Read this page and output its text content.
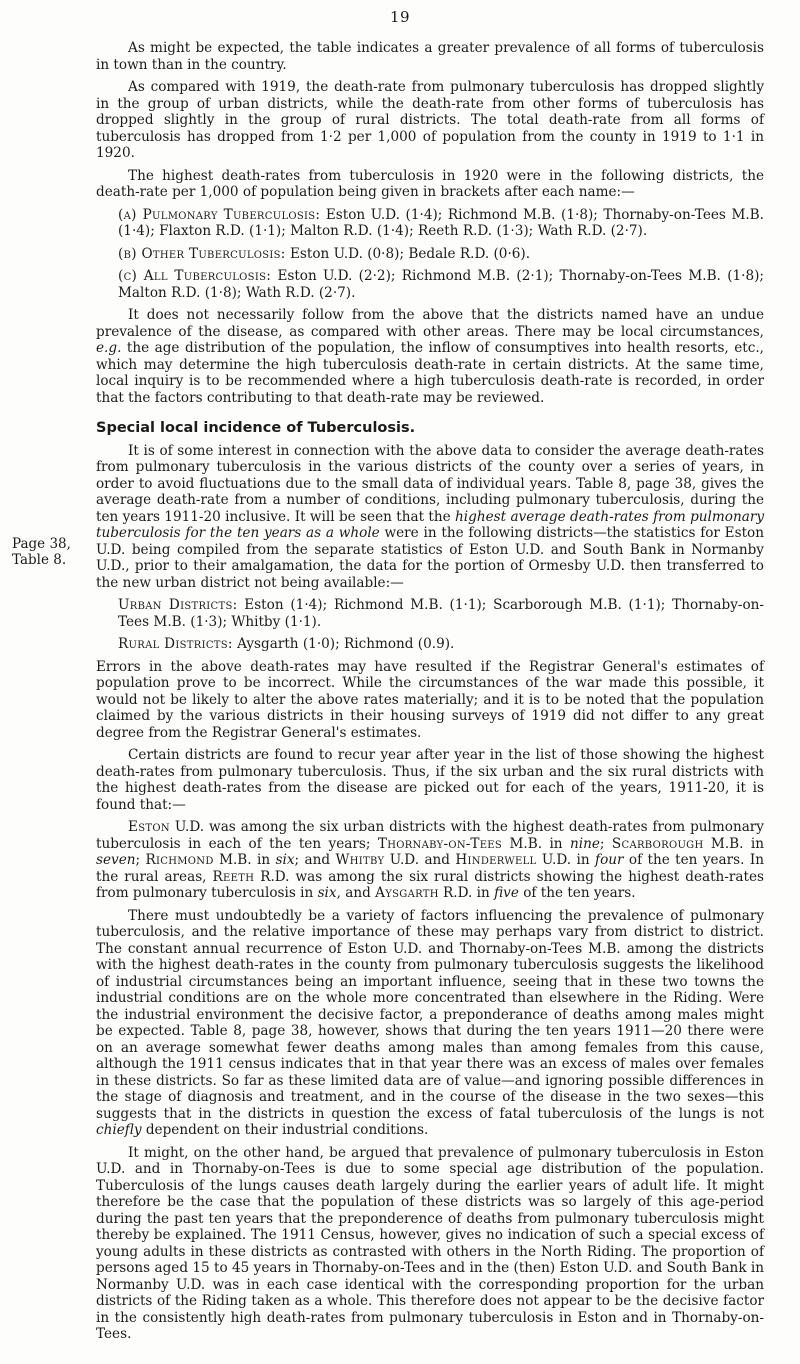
19
Page 38,
Table 8.

As might be expected, the table indicates a greater prevalence of all forms of tuberculosis in town than in the country.

As compared with 1919, the death-rate from pulmonary tuberculosis has dropped slightly in the group of urban districts, while the death-rate from other forms of tuberculosis has dropped slightly in the group of rural districts. The total death-rate from all forms of tuberculosis has dropped from 1·2 per 1,000 of population from the county in 1919 to 1·1 in 1920.

The highest death-rates from tuberculosis in 1920 were in the following districts, the death-rate per 1,000 of population being given in brackets after each name:—

(a) Pulmonary Tuberculosis: Eston U.D. (1·4); Richmond M.B. (1·8); Thornaby-on-Tees M.B. (1·4); Flaxton R.D. (1·1); Malton R.D. (1·4); Reeth R.D. (1·3); Wath R.D. (2·7).

(b) Other Tuberculosis: Eston U.D. (0·8); Bedale R.D. (0·6).

(c) All Tuberculosis: Eston U.D. (2·2); Richmond M.B. (2·1); Thornaby-on-Tees M.B. (1·8); Malton R.D. (1·8); Wath R.D. (2·7).

It does not necessarily follow from the above that the districts named have an undue prevalence of the disease, as compared with other areas. There may be local circumstances, e.g. the age distribution of the population, the inflow of consumptives into health resorts, etc., which may determine the high tuberculosis death-rate in certain districts. At the same time, local inquiry is to be recommended where a high tuberculosis death-rate is recorded, in order that the factors contributing to that death-rate may be reviewed.

Special local incidence of Tuberculosis.

It is of some interest in connection with the above data to consider the average death-rates from pulmonary tuberculosis in the various districts of the county over a series of years, in order to avoid fluctuations due to the small data of individual years. Table 8, page 38, gives the average death-rate from a number of conditions, including pulmonary tuberculosis, during the ten years 1911-20 inclusive. It will be seen that the highest average death-rates from pulmonary tuberculosis for the ten years as a whole were in the following districts—the statistics for Eston U.D. being compiled from the separate statistics of Eston U.D. and South Bank in Normanby U.D., prior to their amalgamation, the data for the portion of Ormesby U.D. then transferred to the new urban district not being available:—

Urban Districts: Eston (1·4); Richmond M.B. (1·1); Scarborough M.B. (1·1); Thornaby-on-Tees M.B. (1·3); Whitby (1·1).

Rural Districts: Aysgarth (1·0); Richmond (0.9).

Errors in the above death-rates may have resulted if the Registrar General's estimates of population prove to be incorrect. While the circumstances of the war made this possible, it would not be likely to alter the above rates materially; and it is to be noted that the population claimed by the various districts in their housing surveys of 1919 did not differ to any great degree from the Registrar General's estimates.

Certain districts are found to recur year after year in the list of those showing the highest death-rates from pulmonary tuberculosis. Thus, if the six urban and the six rural districts with the highest death-rates from the disease are picked out for each of the years, 1911-20, it is found that:—

Eston U.D. was among the six urban districts with the highest death-rates from pulmonary tuberculosis in each of the ten years; Thornaby-on-Tees M.B. in nine; Scarborough M.B. in seven; Richmond M.B. in six; and Whitby U.D. and Hinderwell U.D. in four of the ten years. In the rural areas, Reeth R.D. was among the six rural districts showing the highest death-rates from pulmonary tuberculosis in six, and Aysgarth R.D. in five of the ten years.

There must undoubtedly be a variety of factors influencing the prevalence of pulmonary tuberculosis, and the relative importance of these may perhaps vary from district to district. The constant annual recurrence of Eston U.D. and Thornaby-on-Tees M.B. among the districts with the highest death-rates in the county from pulmonary tuberculosis suggests the likelihood of industrial circumstances being an important influence, seeing that in these two towns the industrial conditions are on the whole more concentrated than elsewhere in the Riding. Were the industrial environment the decisive factor, a preponderance of deaths among males might be expected. Table 8, page 38, however, shows that during the ten years 1911—20 there were on an average somewhat fewer deaths among males than among females from this cause, although the 1911 census indicates that in that year there was an excess of males over females in these districts. So far as these limited data are of value—and ignoring possible differences in the stage of diagnosis and treatment, and in the course of the disease in the two sexes—this suggests that in the districts in question the excess of fatal tuberculosis of the lungs is not chiefly dependent on their industrial conditions.

It might, on the other hand, be argued that prevalence of pulmonary tuberculosis in Eston U.D. and in Thornaby-on-Tees is due to some special age distribution of the population. Tuberculosis of the lungs causes death largely during the earlier years of adult life. It might therefore be the case that the population of these districts was so largely of this age-period during the past ten years that the preponderence of deaths from pulmonary tuberculosis might thereby be explained. The 1911 Census, however, gives no indication of such a special excess of young adults in these districts as contrasted with others in the North Riding. The proportion of persons aged 15 to 45 years in Thornaby-on-Tees and in the (then) Eston U.D. and South Bank in Normanby U.D. was in each case identical with the corresponding proportion for the urban districts of the Riding taken as a whole. This therefore does not appear to be the decisive factor in the consistently high death-rates from pulmonary tuberculosis in Eston and in Thornaby-on-Tees.
